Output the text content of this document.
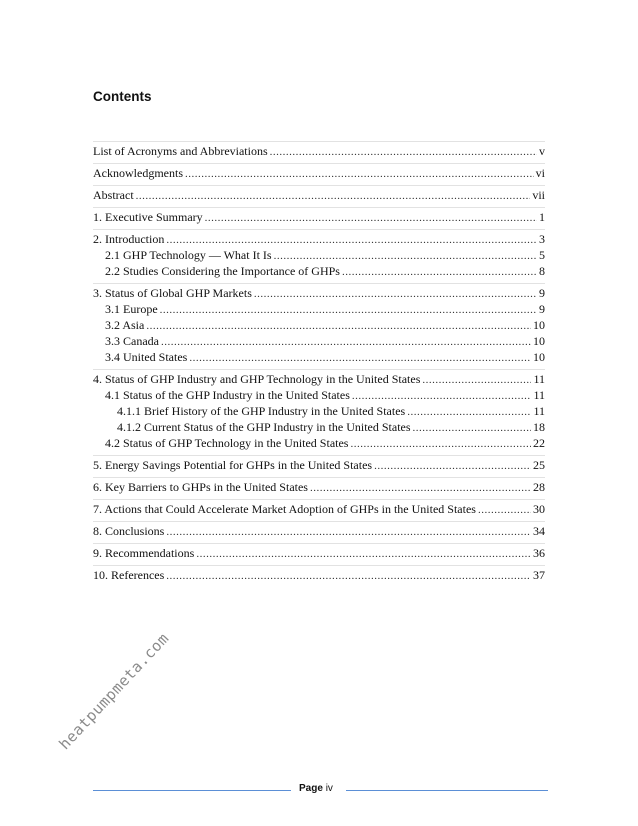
Contents
List of Acronyms and Abbreviations .....	v
Acknowledgments .....	vi
Abstract .....	vii
1. Executive Summary .....	1
2. Introduction .....	3
2.1 GHP Technology — What It Is .....	5
2.2 Studies Considering the Importance of GHPs .....	8
3. Status of Global GHP Markets .....	9
3.1 Europe .....	9
3.2 Asia .....	10
3.3 Canada .....	10
3.4 United States .....	10
4. Status of GHP Industry and GHP Technology in the United States .....	11
4.1 Status of the GHP Industry in the United States .....	11
4.1.1 Brief History of the GHP Industry in the United States .....	11
4.1.2 Current Status of the GHP Industry in the United States .....	18
4.2 Status of GHP Technology in the United States .....	22
5. Energy Savings Potential for GHPs in the United States .....	25
6. Key Barriers to GHPs in the United States .....	28
7. Actions that Could Accelerate Market Adoption of GHPs in the United States .....	30
8. Conclusions .....	34
9. Recommendations .....	36
10. References .....	37
Page iv
heatpumpmeta.com
